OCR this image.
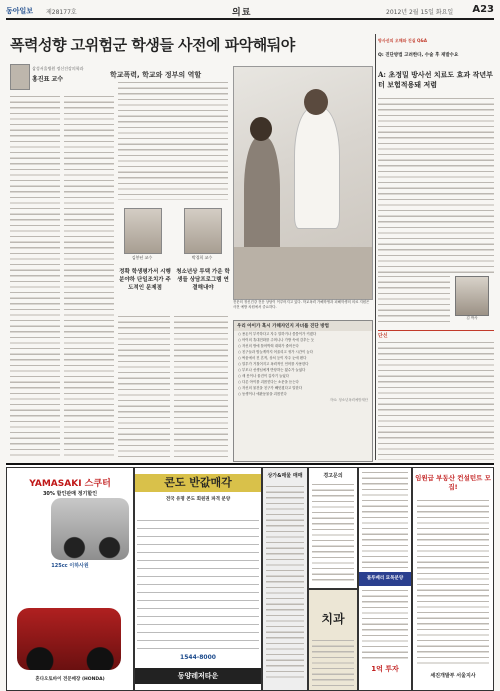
동아일보 제28177호	의료	2012년 2월 15일 화요일 A23
폭력성향 고위험군 학생들 사전에 파악해둬야
삼성서울병원 정신건강의학과
홍진표 교수
학교폭력, 학교와 정부의 역할
김붕년 교수	박경희 교수
정확 학생평가서 시행분야하 단일조치가 주도적인 문제점
청소년상 투택 가운 학생들 상담프로그램 연결해내야
전문의 정신건강 전문 상담이 이루어지고 있다. 학교폭력 가해학생과 피해학생의 의료 지원은 사전 예방 차원에서 중요하다.
우리 아이가 혹시 가해자인지 자녀를 진단 방법
○ 용돈이 부족하다고 자주 말하거나 씀씀이가 커졌다
○ 아이의 휴대전화를 주머니나 가방 속에 감추는 듯
○ 자신의 방에 틀어박혀 대화가 줄어든다
○ 친구들과 밤늦게까지 어울리고 귀가 시간이 늦다
○ 싸움에서 진 흔적, 상처 등이 자주 눈에 띈다
○ 말투가 거칠어지고 폭력적인 언어를 사용한다
○ 부모나 선생님에게 반항하는 횟수가 늘었다
○ 새 옷이나 물건이 갑자기 늘었다
○ 다른 아이를 괴롭힌다는 소문을 듣는다
○ 자신의 물건을 친구가 빼앗겼다고 말한다
○ 동생이나 애완동물을 괴롭힌다
자료: 청소년폭력예방재단
방사선의 오해와 진실 Q&A
Q: 진단방법 고려한다, 수술 후 재발수요
A: 초정밀 방사선 치료도 효과 작년부터 보험적용돼 저렴
김 박사
단신
YAMASAKI 스쿠터
30% 할인판매 정기할인
125cc 이하사원
혼다오토바이 전문매장 (HONDA)
콘도 반값매각
전국 유명 콘도 회원권 파격 분양
1544-8000
동양레저타운
상가&매물 매매	경고문의
치과
블루베리 묘목분양
1억 투자
임원급 부동산 컨설턴트 모집!
세진개발부 서울지사
